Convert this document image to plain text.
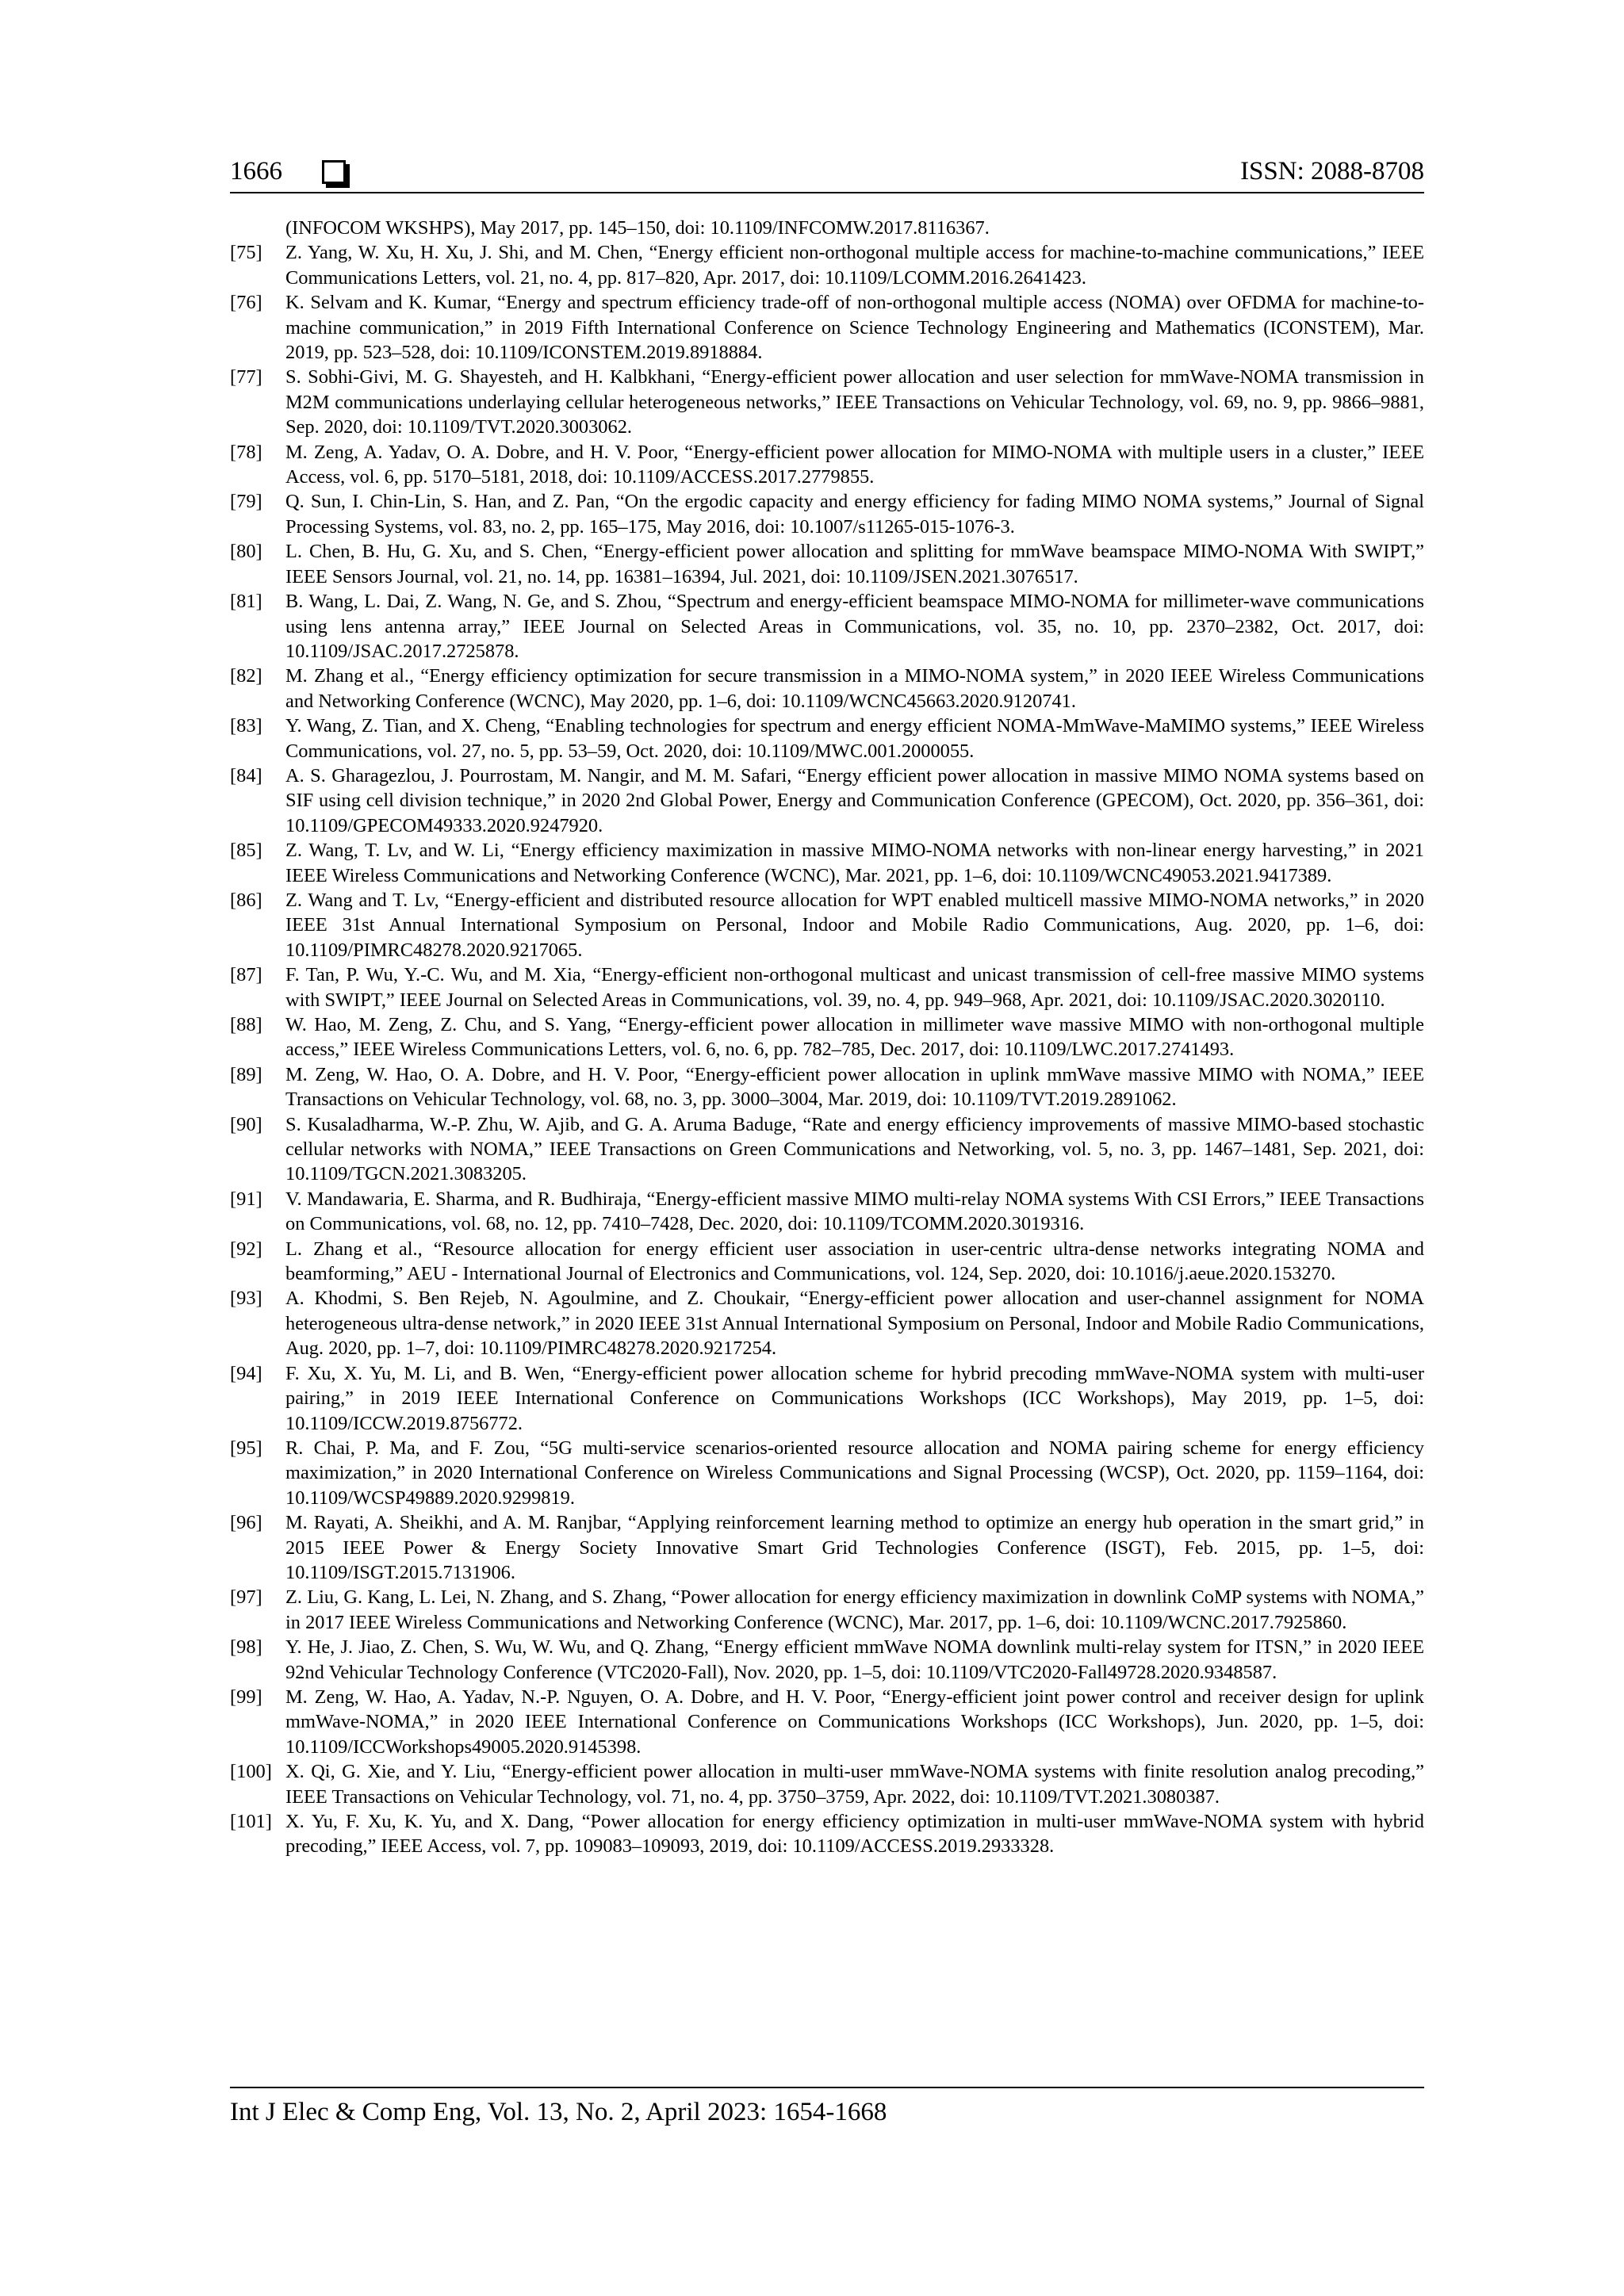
1666	ISSN: 2088-8708
(INFOCOM WKSHPS), May 2017, pp. 145–150, doi: 10.1109/INFCOMW.2017.8116367.
[75] Z. Yang, W. Xu, H. Xu, J. Shi, and M. Chen, “Energy efficient non-orthogonal multiple access for machine-to-machine communications,” IEEE Communications Letters, vol. 21, no. 4, pp. 817–820, Apr. 2017, doi: 10.1109/LCOMM.2016.2641423.
[76] K. Selvam and K. Kumar, “Energy and spectrum efficiency trade-off of non-orthogonal multiple access (NOMA) over OFDMA for machine-to-machine communication,” in 2019 Fifth International Conference on Science Technology Engineering and Mathematics (ICONSTEM), Mar. 2019, pp. 523–528, doi: 10.1109/ICONSTEM.2019.8918884.
[77] S. Sobhi-Givi, M. G. Shayesteh, and H. Kalbkhani, “Energy-efficient power allocation and user selection for mmWave-NOMA transmission in M2M communications underlaying cellular heterogeneous networks,” IEEE Transactions on Vehicular Technology, vol. 69, no. 9, pp. 9866–9881, Sep. 2020, doi: 10.1109/TVT.2020.3003062.
[78] M. Zeng, A. Yadav, O. A. Dobre, and H. V. Poor, “Energy-efficient power allocation for MIMO-NOMA with multiple users in a cluster,” IEEE Access, vol. 6, pp. 5170–5181, 2018, doi: 10.1109/ACCESS.2017.2779855.
[79] Q. Sun, I. Chin-Lin, S. Han, and Z. Pan, “On the ergodic capacity and energy efficiency for fading MIMO NOMA systems,” Journal of Signal Processing Systems, vol. 83, no. 2, pp. 165–175, May 2016, doi: 10.1007/s11265-015-1076-3.
[80] L. Chen, B. Hu, G. Xu, and S. Chen, “Energy-efficient power allocation and splitting for mmWave beamspace MIMO-NOMA With SWIPT,” IEEE Sensors Journal, vol. 21, no. 14, pp. 16381–16394, Jul. 2021, doi: 10.1109/JSEN.2021.3076517.
[81] B. Wang, L. Dai, Z. Wang, N. Ge, and S. Zhou, “Spectrum and energy-efficient beamspace MIMO-NOMA for millimeter-wave communications using lens antenna array,” IEEE Journal on Selected Areas in Communications, vol. 35, no. 10, pp. 2370–2382, Oct. 2017, doi: 10.1109/JSAC.2017.2725878.
[82] M. Zhang et al., “Energy efficiency optimization for secure transmission in a MIMO-NOMA system,” in 2020 IEEE Wireless Communications and Networking Conference (WCNC), May 2020, pp. 1–6, doi: 10.1109/WCNC45663.2020.9120741.
[83] Y. Wang, Z. Tian, and X. Cheng, “Enabling technologies for spectrum and energy efficient NOMA-MmWave-MaMIMO systems,” IEEE Wireless Communications, vol. 27, no. 5, pp. 53–59, Oct. 2020, doi: 10.1109/MWC.001.2000055.
[84] A. S. Gharagezlou, J. Pourrostam, M. Nangir, and M. M. Safari, “Energy efficient power allocation in massive MIMO NOMA systems based on SIF using cell division technique,” in 2020 2nd Global Power, Energy and Communication Conference (GPECOM), Oct. 2020, pp. 356–361, doi: 10.1109/GPECOM49333.2020.9247920.
[85] Z. Wang, T. Lv, and W. Li, “Energy efficiency maximization in massive MIMO-NOMA networks with non-linear energy harvesting,” in 2021 IEEE Wireless Communications and Networking Conference (WCNC), Mar. 2021, pp. 1–6, doi: 10.1109/WCNC49053.2021.9417389.
[86] Z. Wang and T. Lv, “Energy-efficient and distributed resource allocation for WPT enabled multicell massive MIMO-NOMA networks,” in 2020 IEEE 31st Annual International Symposium on Personal, Indoor and Mobile Radio Communications, Aug. 2020, pp. 1–6, doi: 10.1109/PIMRC48278.2020.9217065.
[87] F. Tan, P. Wu, Y.-C. Wu, and M. Xia, “Energy-efficient non-orthogonal multicast and unicast transmission of cell-free massive MIMO systems with SWIPT,” IEEE Journal on Selected Areas in Communications, vol. 39, no. 4, pp. 949–968, Apr. 2021, doi: 10.1109/JSAC.2020.3020110.
[88] W. Hao, M. Zeng, Z. Chu, and S. Yang, “Energy-efficient power allocation in millimeter wave massive MIMO with non-orthogonal multiple access,” IEEE Wireless Communications Letters, vol. 6, no. 6, pp. 782–785, Dec. 2017, doi: 10.1109/LWC.2017.2741493.
[89] M. Zeng, W. Hao, O. A. Dobre, and H. V. Poor, “Energy-efficient power allocation in uplink mmWave massive MIMO with NOMA,” IEEE Transactions on Vehicular Technology, vol. 68, no. 3, pp. 3000–3004, Mar. 2019, doi: 10.1109/TVT.2019.2891062.
[90] S. Kusaladharma, W.-P. Zhu, W. Ajib, and G. A. Aruma Baduge, “Rate and energy efficiency improvements of massive MIMO-based stochastic cellular networks with NOMA,” IEEE Transactions on Green Communications and Networking, vol. 5, no. 3, pp. 1467–1481, Sep. 2021, doi: 10.1109/TGCN.2021.3083205.
[91] V. Mandawaria, E. Sharma, and R. Budhiraja, “Energy-efficient massive MIMO multi-relay NOMA systems With CSI Errors,” IEEE Transactions on Communications, vol. 68, no. 12, pp. 7410–7428, Dec. 2020, doi: 10.1109/TCOMM.2020.3019316.
[92] L. Zhang et al., “Resource allocation for energy efficient user association in user-centric ultra-dense networks integrating NOMA and beamforming,” AEU - International Journal of Electronics and Communications, vol. 124, Sep. 2020, doi: 10.1016/j.aeue.2020.153270.
[93] A. Khodmi, S. Ben Rejeb, N. Agoulmine, and Z. Choukair, “Energy-efficient power allocation and user-channel assignment for NOMA heterogeneous ultra-dense network,” in 2020 IEEE 31st Annual International Symposium on Personal, Indoor and Mobile Radio Communications, Aug. 2020, pp. 1–7, doi: 10.1109/PIMRC48278.2020.9217254.
[94] F. Xu, X. Yu, M. Li, and B. Wen, “Energy-efficient power allocation scheme for hybrid precoding mmWave-NOMA system with multi-user pairing,” in 2019 IEEE International Conference on Communications Workshops (ICC Workshops), May 2019, pp. 1–5, doi: 10.1109/ICCW.2019.8756772.
[95] R. Chai, P. Ma, and F. Zou, “5G multi-service scenarios-oriented resource allocation and NOMA pairing scheme for energy efficiency maximization,” in 2020 International Conference on Wireless Communications and Signal Processing (WCSP), Oct. 2020, pp. 1159–1164, doi: 10.1109/WCSP49889.2020.9299819.
[96] M. Rayati, A. Sheikhi, and A. M. Ranjbar, “Applying reinforcement learning method to optimize an energy hub operation in the smart grid,” in 2015 IEEE Power & Energy Society Innovative Smart Grid Technologies Conference (ISGT), Feb. 2015, pp. 1–5, doi: 10.1109/ISGT.2015.7131906.
[97] Z. Liu, G. Kang, L. Lei, N. Zhang, and S. Zhang, “Power allocation for energy efficiency maximization in downlink CoMP systems with NOMA,” in 2017 IEEE Wireless Communications and Networking Conference (WCNC), Mar. 2017, pp. 1–6, doi: 10.1109/WCNC.2017.7925860.
[98] Y. He, J. Jiao, Z. Chen, S. Wu, W. Wu, and Q. Zhang, “Energy efficient mmWave NOMA downlink multi-relay system for ITSN,” in 2020 IEEE 92nd Vehicular Technology Conference (VTC2020-Fall), Nov. 2020, pp. 1–5, doi: 10.1109/VTC2020-Fall49728.2020.9348587.
[99] M. Zeng, W. Hao, A. Yadav, N.-P. Nguyen, O. A. Dobre, and H. V. Poor, “Energy-efficient joint power control and receiver design for uplink mmWave-NOMA,” in 2020 IEEE International Conference on Communications Workshops (ICC Workshops), Jun. 2020, pp. 1–5, doi: 10.1109/ICCWorkshops49005.2020.9145398.
[100] X. Qi, G. Xie, and Y. Liu, “Energy-efficient power allocation in multi-user mmWave-NOMA systems with finite resolution analog precoding,” IEEE Transactions on Vehicular Technology, vol. 71, no. 4, pp. 3750–3759, Apr. 2022, doi: 10.1109/TVT.2021.3080387.
[101] X. Yu, F. Xu, K. Yu, and X. Dang, “Power allocation for energy efficiency optimization in multi-user mmWave-NOMA system with hybrid precoding,” IEEE Access, vol. 7, pp. 109083–109093, 2019, doi: 10.1109/ACCESS.2019.2933328.
Int J Elec & Comp Eng, Vol. 13, No. 2, April 2023: 1654-1668
